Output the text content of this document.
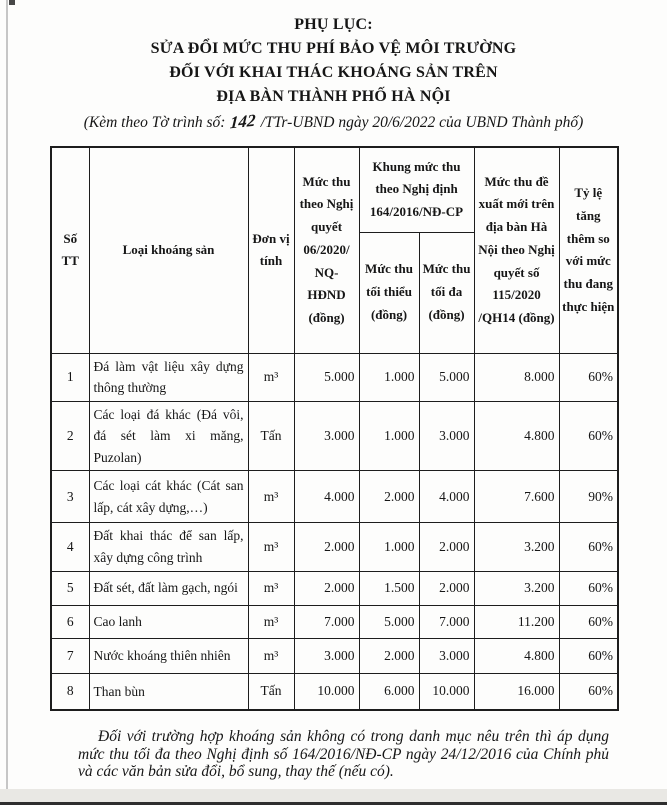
PHỤ LỤC:
SỬA ĐỔI MỨC THU PHÍ BẢO VỆ MÔI TRƯỜNG
ĐỐI VỚI KHAI THÁC KHOÁNG SẢN TRÊN
ĐỊA BÀN THÀNH PHỐ HÀ NỘI
(Kèm theo Tờ trình số: 142 /TTr-UBND ngày 20/6/2022 của UBND Thành phố)
Số TT	Loại khoáng sản	Đơn vị tính	Mức thu theo Nghị quyết 06/2020/ NQ-HĐND (đồng)	Khung mức thu theo Nghị định 164/2016/NĐ-CP		Mức thu đề xuất mới trên địa bàn Hà Nội theo Nghị quyết số 115/2020 /QH14 (đồng)	Tỷ lệ tăng thêm so với mức thu đang thực hiện
				Mức thu tối thiểu (đồng)	Mức thu tối đa (đồng)		
1	Đá làm vật liệu xây dựng thông thường	m³	5.000	1.000	5.000	8.000	60%
2	Các loại đá khác (Đá vôi, đá sét làm xi măng, Puzolan)	Tấn	3.000	1.000	3.000	4.800	60%
3	Các loại cát khác (Cát san lấp, cát xây dựng,…)	m³	4.000	2.000	4.000	7.600	90%
4	Đất khai thác để san lấp, xây dựng công trình	m³	2.000	1.000	2.000	3.200	60%
5	Đất sét, đất làm gạch, ngói	m³	2.000	1.500	2.000	3.200	60%
6	Cao lanh	m³	7.000	5.000	7.000	11.200	60%
7	Nước khoáng thiên nhiên	m³	3.000	2.000	3.000	4.800	60%
8	Than bùn	Tấn	10.000	6.000	10.000	16.000	60%
Đối với trường hợp khoáng sản không có trong danh mục nêu trên thì áp dụng mức thu tối đa theo Nghị định số 164/2016/NĐ-CP ngày 24/12/2016 của Chính phủ và các văn bản sửa đổi, bổ sung, thay thế (nếu có).
